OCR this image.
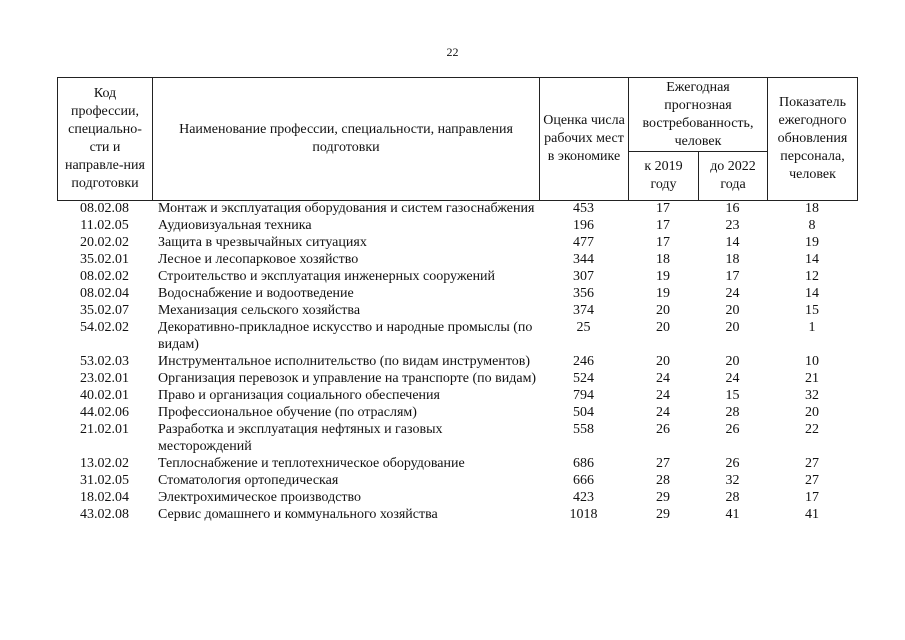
22
Код профессии, специально-сти и направле-ния подготовки	Наименование профессии, специальности, направления подготовки	Оценка числа рабочих мест в экономике	Ежегодная прогнозная востребованность, человек		Показатель ежегодного обновления персонала, человек
			к 2019 году	до 2022 года	
08.02.08	Монтаж и эксплуатация оборудования и систем газоснабжения	453	17	16	18
11.02.05	Аудиовизуальная техника	196	17	23	8
20.02.02	Защита в чрезвычайных ситуациях	477	17	14	19
35.02.01	Лесное и лесопарковое хозяйство	344	18	18	14
08.02.02	Строительство и эксплуатация инженерных сооружений	307	19	17	12
08.02.04	Водоснабжение и водоотведение	356	19	24	14
35.02.07	Механизация сельского хозяйства	374	20	20	15
54.02.02	Декоративно-прикладное искусство и народные промыслы (по видам)	25	20	20	1
53.02.03	Инструментальное исполнительство (по видам инструментов)	246	20	20	10
23.02.01	Организация перевозок и управление на транспорте (по видам)	524	24	24	21
40.02.01	Право и организация социального обеспечения	794	24	15	32
44.02.06	Профессиональное обучение (по отраслям)	504	24	28	20
21.02.01	Разработка и эксплуатация нефтяных и газовых месторождений	558	26	26	22
13.02.02	Теплоснабжение и теплотехническое оборудование	686	27	26	27
31.02.05	Стоматология ортопедическая	666	28	32	27
18.02.04	Электрохимическое производство	423	29	28	17
43.02.08	Сервис домашнего и коммунального хозяйства	1018	29	41	41
